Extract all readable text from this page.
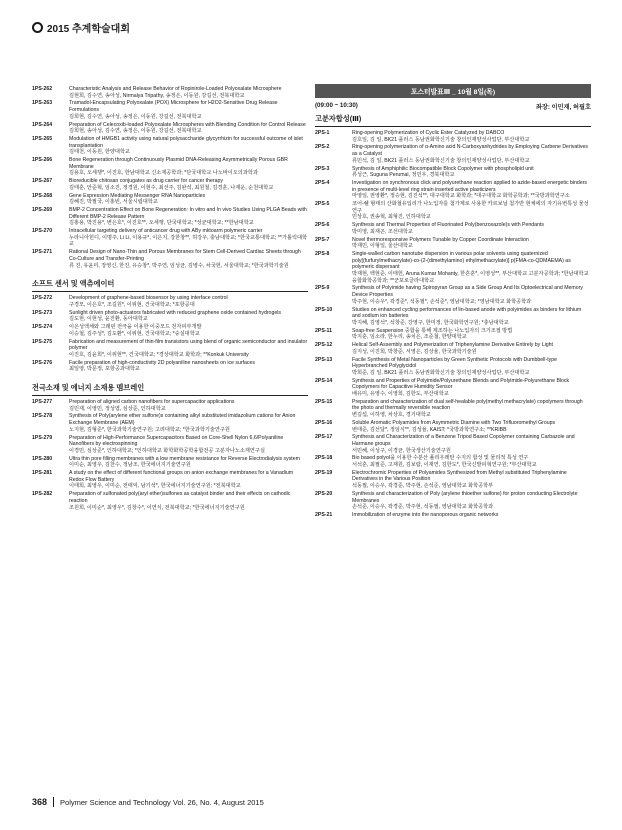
2015 추계학술대회
1PS-262	Characteristic Analysis and Release Behavior of Ropinirole-Loaded Polyoxalate Microsphere
김현희, 김수연, 송아성, Nirmalya Tripathy, 송정은, 이동원, 강길선, 전북대학교
1PS-263	Tramadol-Encapsulating Polyoxalate (POX) Microsphere for H2O2-Sensitive Drug Release Formulations
김희현, 김수연, 송아성, 송정은, 이동원, 강길선, 전북대학교
1PS-264	Preparation of Celecoxib-loaded Polyoxalate Microspheres with Blending Condition for Control Release
김희현, 송아성, 김수연, 송정은, 이동원, 강길선, 전북대학교
1PS-265	Modulation of HMGB1 activity using natural polysaccharide glycyrrhizin for successful outcome of islet transplantation
김태천, 이동원, 한양대학교
1PS-266	Bone Regeneration through Continuously Plasmid DNA-Releasing Asymmetrically Porous GBR Membrane
김용호, 오세행*, 이진호, 한남대학교 신소재공학과; *단국대학교 나노바이오의과학과
1PS-267	Bioreducible chitosan conjugates as drug carrier for cancer therapy
김태훈, 안준혁, 임소진, 정경원, 이현수, 최선주, 김완석, 최원철, 김경훈, 나재운, 순천대학교
1PS-268	Gene Expression Mediating Messenger RNA Nanoparticles
김혜진, 박필국, 이홍빈, 서울시립대학교
1PS-269	BMP-2 Concentration Effect on Bone Regeneration: In vitro and In vivo Studies Using PLGA Beads with Different BMP-2 Release Pattern
김홍용, 박진용*, 변은호*, 이진호**, 오세행, 단국대학교; *성균대학교; **한남대학교
1PS-270	Intracellular targeting delivery of anticancer drug with ABy mktoarm polymeric carrier
누라니아힌디, 이명주, Li Li, 이용규*, 이은지, 강한창**, 허강우, 충남대학교; *한국교통대학교; **가톨릭대학교
1PS-271	Rational Design of Nano-Thin and Porous Membranes for Stem Cell-Derived Cardiac Sheets through Co-Culture and Transfer-Printing
류 진, 유윤미, 장영신, 한진, 유승창*, 박주연, 임성균, 김병수, 차국헌, 서울대학교; *한국과학기술원
소프트 센서 및 액츄에이터
1PS-272	Development of graphene-based biosensor by using interface control
구경모, 이은호*, 조길원*, 이위현, 건국대학교; *포항공대
1PS-273	Sunlight driven photo-actuators fabricated with reduced graphene oxide contained hydrogels
김도현, 이현성, 윤진환, 동아대학교
1PS-274	이온성액체와 그래핀 전극을 이용한 이중모드 전자피부개발
이승철, 김주성*, 김도환*, 이위현, 건국대학교; *숭실대학교
1PS-275	Fabrication and measurement of thin-film transistors using blend of organic semiconductor and insulator polymer
이진호, 김윤희*, 이위현**, 건국대학교; *경상대학교 화학과; **Konkuk University
1PS-276	Facile preparation of high-conductivity 2D polyaniline nanosheets on ice surfaces
최일영, 박문정, 포항공과대학교
전극소재 및 에너지 소재용 멤브레인
1PS-277	Preparation of aligned carbon nanofibers for supercapacitor applications
김민재, 이영민, 정성엽, 심상준, 인하대학교
1PS-278	Synthesis of Poly(arylene ether sulfone)s containing alkyl substituted imidazolium cations for Anion Exchange Membrane (AEM)
노지현, 김형준*, 한국과학기술연구원; 고려대학교; *한국과학기술연구원
1PS-279	Preparation of High-Performance Supercapacitors Based on Core-Shell Nylon 6,6/Polyaniline Nanofibers by electrospinning
이경민, 심상준*, 인하대학교; *인하대학교 화학화학공학융합전공 고분자나노소재연구실
1PS-280	Ultra thin pore filling membranes with a low membrane resistance for Reverse Electrodialysis system
이미순, 최영우, 김찬수, 정남조, 한국에너지기술연구원
1PS-281	A study on the effect of different functional groups on anion exchange membranes for a Vanadium Redox Flow Battery
이태희, 최영우, 이미순, 전태익, 남기석*, 한국에너지기술연구원; *전북대학교
1PS-282	Preparation of sulfonated poly(aryl ether)sulfones as catalyst binder and their effects on cathodic reaction
조원희, 이미순*, 최영우*, 김창수*, 이연식, 전북대학교; *한국에너지기술연구원
포스터발표Ⅲ _ 10월 8일(목)
(09:00 ~ 10:30)	좌장: 이민재, 허필호
고분자합성(Ⅲ)
2PS-1	Ring-opening Polymerization of Cyclic Ester Catalyzed by DABCO
김호일, 김 일, BK21 플러스 동남권화학신기술 창의인재양성사업단, 부산대학교
2PS-2	Ring-opening polymerization of α-Amino acid N-Carboxyanhydrides by Employing Carbene Derivatives as a Catalyst
류민석, 김 일, BK21 플러스 동남권화학신기술 창의인재양성사업단, 부산대학교
2PS-3	Synthesis of Amphiphilic Biocompatible Block Copolymer with phospholipid unit
류성근, Suguna Perumal, 정민우, 경북대학교
2PS-4	Investigation on synchronous click and polyurethane reaction applied to azide-based energetic binders in presence of multi-level ring strain inserted active plasticizers
마영일, 권영환*, 정승현, 김진석**, 대구대학교 화학과; *대구대학교 화학공학과; **국방과학연구소
2PS-5	코어-쉘 형태의 산화철유입리가 나노입자를 첨가제로 사용한 카르보닐 첨가반 현체에의 자기유변특성 물성 연구
민상호, 권송혁, 최형진, 인하대학교
2PS-6	Synthesis and Thermal Properties of Fluorinated Poly(benzoxazole)s with Pendants
박미영, 최재곤, 조선대학교
2PS-7	Novel thermoresponsive Polymers Tunable by Copper Coordinate Interaction
박재민, 이형일, 울산대학교
2PS-8	Single-walled carbon nanotube dispersion in various polar solvents using quaternized poly[(furfurylmethacrylate)-co-(2-(dimethylamino) ethylmethacrylate)] p(FMA-co-QDMAEMA) as polymeric dispersant
박재현, 백현준, 이태헌, Aruna Kumar Mohanty, 한흔훈*, 이영성**, 부산대학교 고분자공학과; *한남대학교 융합화학공학과; **군포로글라대학교
2PS-9	Synthesis of Polyimide having Spiropyran Group as a Side Group And Its Optoelectrical and Memory Device Properties
박주현, 이승우*, 곽경준*, 석동필*, 손석준*, 영남대학교; *영남대학교 화학공학과
2PS-10	Studies on enhanced cycling performances of lin-based anode with polyimides as binders for lithium and sodium ion batteries
박지혜, 김영석*, 석창준, 강영구, 한미정, 한국화학연구원; *충남대학교
2PS-11	Soap-free Suspension 중합을 통해 제조하는 나노입자의 크기조절 방법
박지훈, 임소라, 한누리, 송치은, 조준철, 한양대학교
2PS-12	Helical Self-Assembly and Polymerization of Triphenylamine Derivative Entirely by Light
김지성, 이진희, 박창준, 서영은, 김상율, 한국과학기술원
2PS-13	Facile Synthesis of Metal Nanoparticles by Green Synthetic Protocols with Dumbbell-type Hyperbranched Polyglycidol
박희준, 김 일, BK21 플러스 동남권화학신기술 창의인재양성사업단, 부산대학교
2PS-14	Synthesis and Properties of Polyimide/Polyurethane Blends and Polyimide-Polyurethane Block Copolymers for Capacitive Humidity Sensor
배유미, 유영수, 이영희, 김한도, 부산대학교
2PS-15	Preparation and characterization of dual self-healable poly(methyl methacrylate) copolymers through the photo and thermally reversible reaction
변길섭, 이하영, 차상호, 경기대학교
2PS-16	Soluble Aromatic Polyamides from Asymmetric Diamine with Two Trifluoromethyl Groups
변태준, 김선달*, 정임식**, 김성율, KAIST; *국방과학연구소; **KRIBB
2PS-17	Synthesis and Characterization of a Benzene Tripod Based Copolymer containing Carbazole and Harmane groups
서민혜, 이성구, 이경균, 한국생산기술연구원
2PS-18	Bio based polyol을 이용한 수분산 폴리우레탄 수지의 합성 및 물리적 특성 연구
서석훈, 최필준, 고재원, 김보람, 이재연, 김한도*, 한국신발피혁연구원; *부산대학교
2PS-19	Electrochromic Properties of Polyamides Synthesized from Methyl substituted Triphenylamine Derivatives in the Various Position
석동필, 이승우, 곽경준, 박주현, 손석준, 영남대학교 화학공학부
2PS-20	Synthesis and characterization of Poly (arylene thioether sulfone) for proton conducting Electrolyte Membranes
손석준, 이승우, 곽경준, 박주현, 석동필, 영남대학교 화학공학과
2PS-21	Immobilization of enzyme into the nanoporous organic networks
368 Polymer Science and Technology Vol. 26, No. 4, August 2015
